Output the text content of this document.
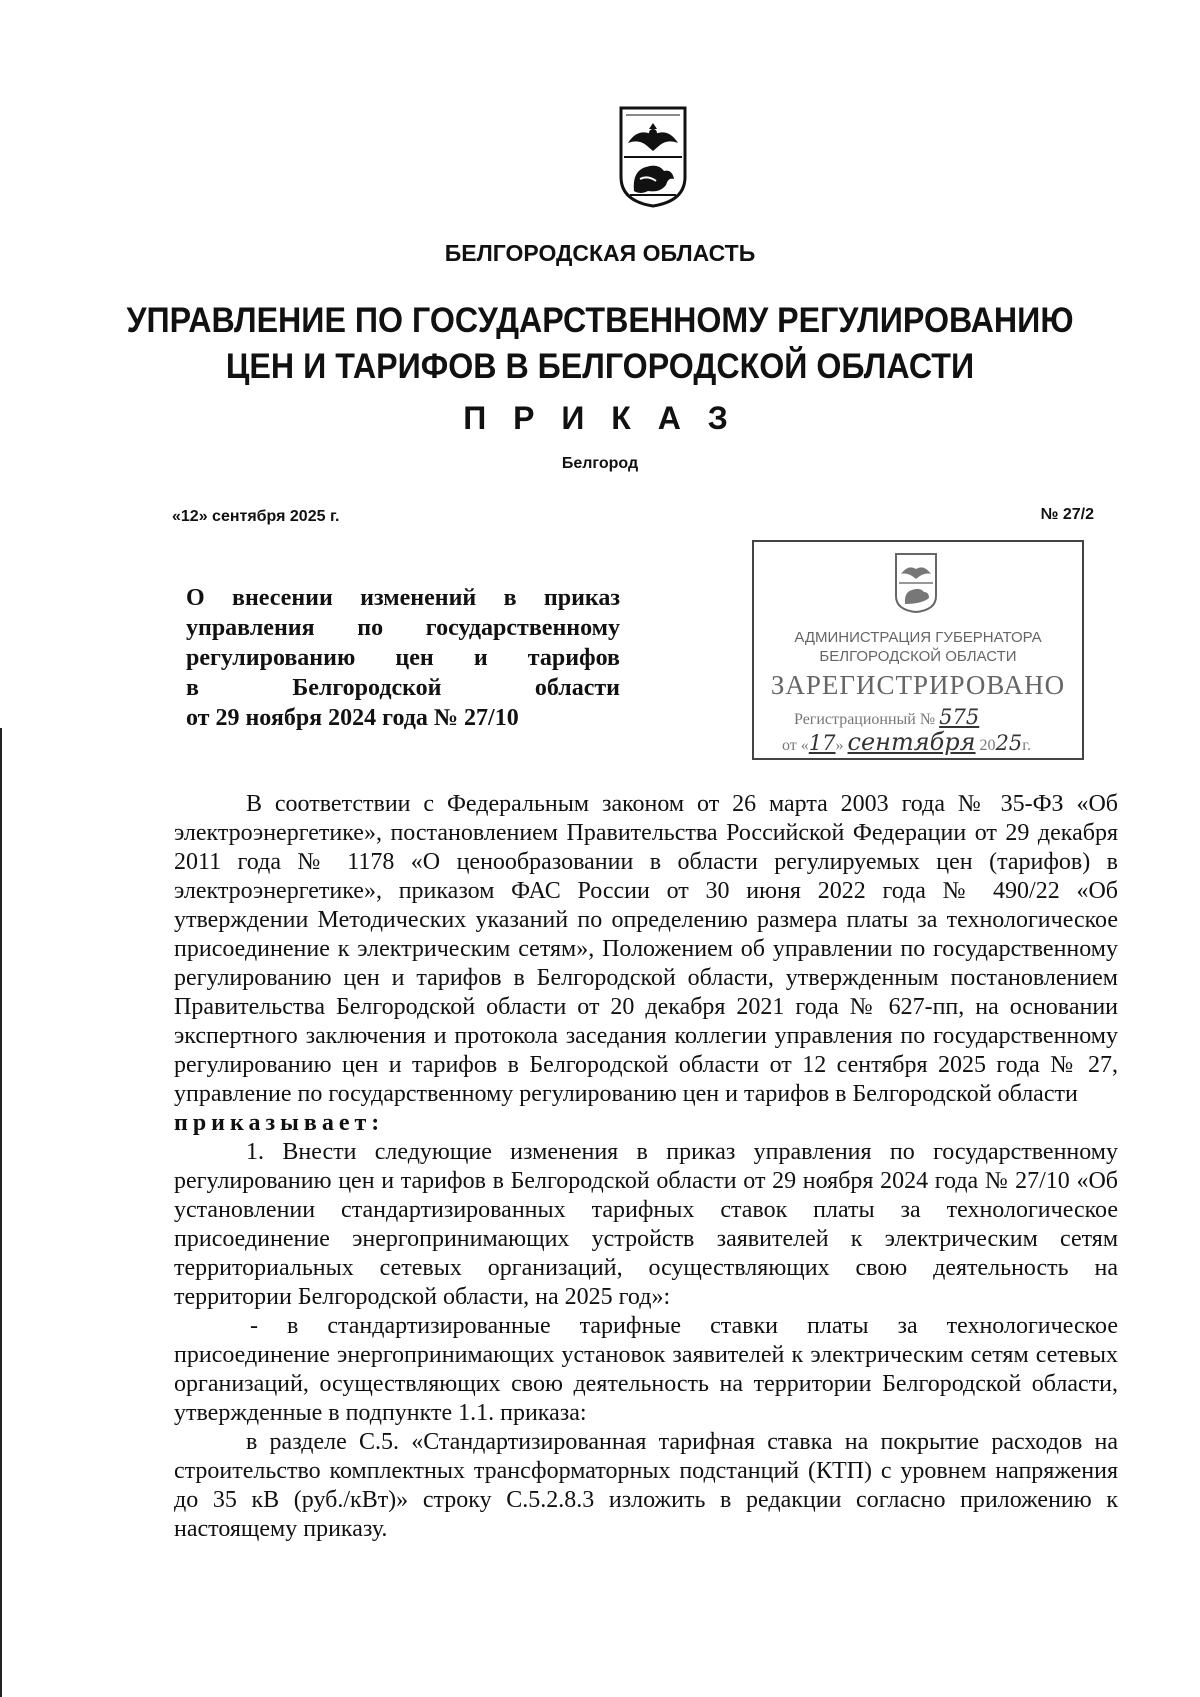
БЕЛГОРОДСКАЯ ОБЛАСТЬ
УПРАВЛЕНИЕ ПО ГОСУДАРСТВЕННОМУ РЕГУЛИРОВАНИЮ
ЦЕН И ТАРИФОВ В БЕЛГОРОДСКОЙ ОБЛАСТИ
П Р И К А З
Белгород
«12» сентября 2025 г.	№ 27/2
О внесении изменений в приказ
управления по государственному
регулированию цен и тарифов
в Белгородской области
от 29 ноября 2024 года № 27/10
АДМИНИСТРАЦИЯ ГУБЕРНАТОРА
БЕЛГОРОДСКОЙ ОБЛАСТИ
ЗАРЕГИСТРИРОВАНО
Регистрационный № 575
от «17» сентября 2025г.

В соответствии с Федеральным законом от 26 марта 2003 года № 35-ФЗ «Об электроэнергетике», постановлением Правительства Российской Федерации от 29 декабря 2011 года № 1178 «О ценообразовании в области регулируемых цен (тарифов) в электроэнергетике», приказом ФАС России от 30 июня 2022 года № 490/22 «Об утверждении Методических указаний по определению размера платы за технологическое присоединение к электрическим сетям», Положением об управлении по государственному регулированию цен и тарифов в Белгородской области, утвержденным постановлением Правительства Белгородской области от 20 декабря 2021 года № 627-пп, на основании экспертного заключения и протокола заседания коллегии управления по государственному регулированию цен и тарифов в Белгородской области от 12 сентября 2025 года № 27, управление по государственному регулированию цен и тарифов в Белгородской области

приказывает:

1. Внести следующие изменения в приказ управления по государственному регулированию цен и тарифов в Белгородской области от 29 ноября 2024 года № 27/10 «Об установлении стандартизированных тарифных ставок платы за технологическое присоединение энергопринимающих устройств заявителей к электрическим сетям территориальных сетевых организаций, осуществляющих свою деятельность на территории Белгородской области, на 2025 год»:

- в стандартизированные тарифные ставки платы за технологическое присоединение энергопринимающих установок заявителей к электрическим сетям сетевых организаций, осуществляющих свою деятельность на территории Белгородской области, утвержденные в подпункте 1.1. приказа:

в разделе С.5. «Стандартизированная тарифная ставка на покрытие расходов на строительство комплектных трансформаторных подстанций (КТП) с уровнем напряжения до 35 кВ (руб./кВт)» строку С.5.2.8.3 изложить в редакции согласно приложению к настоящему приказу.
